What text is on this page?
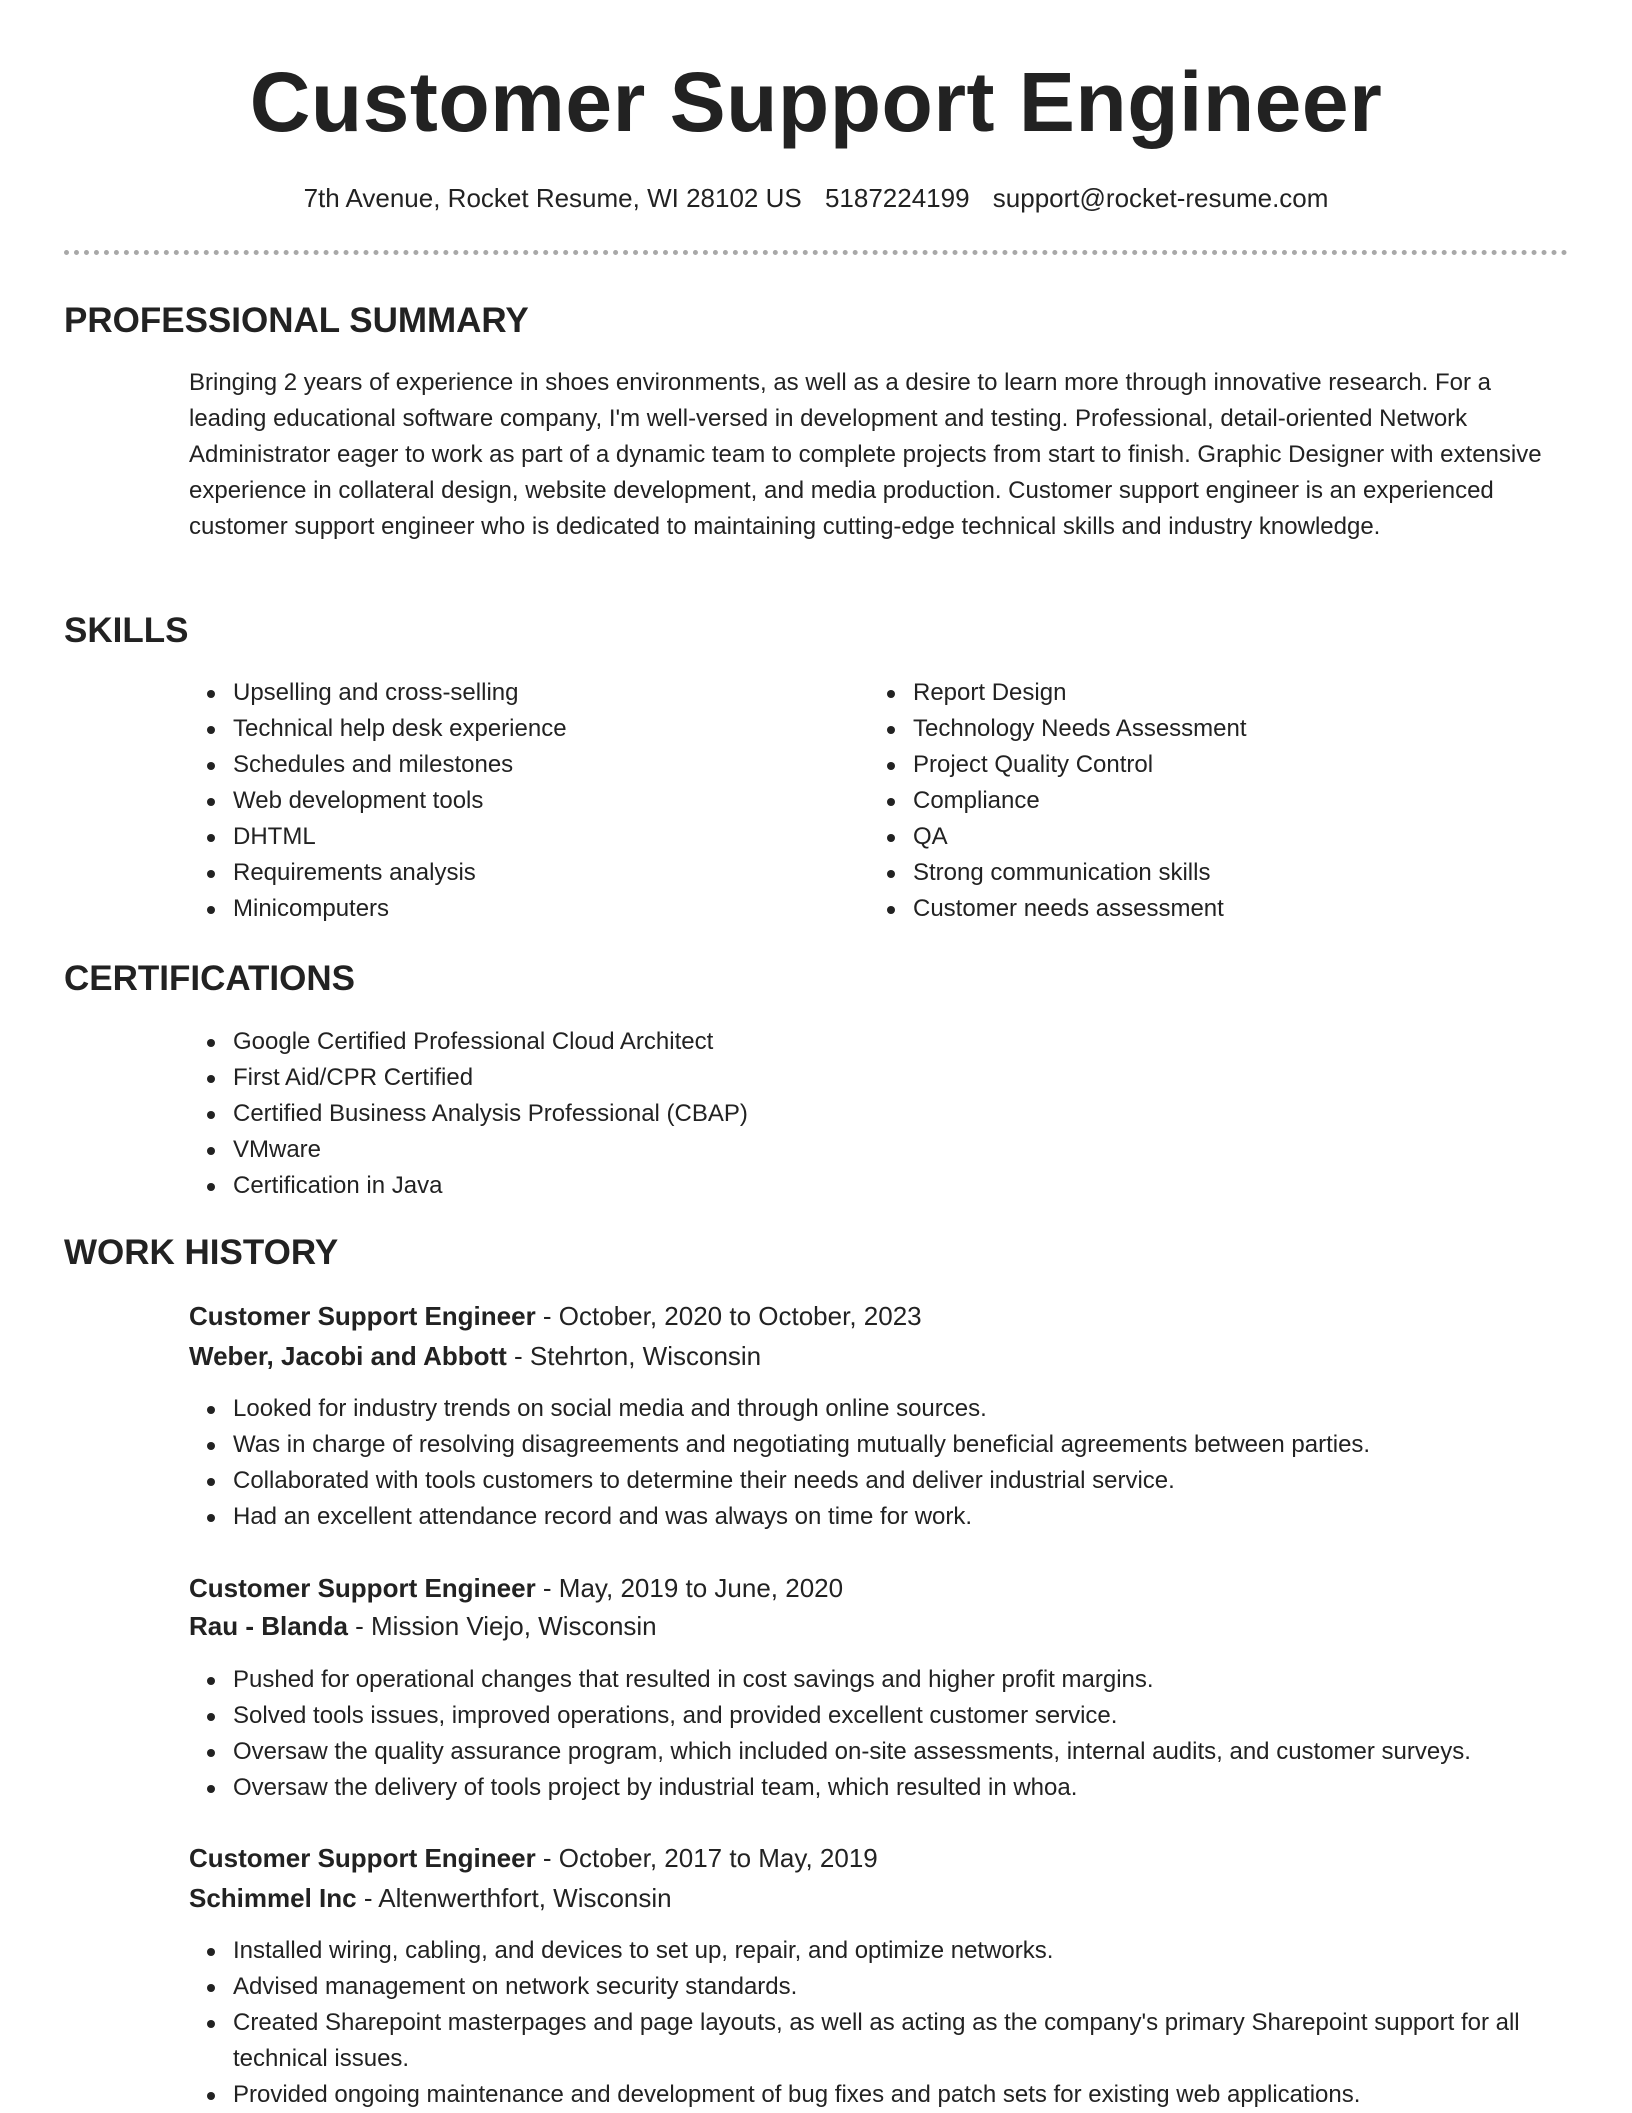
Customer Support Engineer
7th Avenue, Rocket Resume, WI 28102 US 5187224199 support@rocket-resume.com
PROFESSIONAL SUMMARY

Bringing 2 years of experience in shoes environments, as well as a desire to learn more through innovative research. For a leading educational software company, I'm well-versed in development and testing. Professional, detail-oriented Network Administrator eager to work as part of a dynamic team to complete projects from start to finish. Graphic Designer with extensive experience in collateral design, website development, and media production. Customer support engineer is an experienced customer support engineer who is dedicated to maintaining cutting-edge technical skills and industry knowledge.

SKILLS
Upselling and cross-selling
Technical help desk experience
Schedules and milestones
Web development tools
DHTML
Requirements analysis
Minicomputers
Report Design
Technology Needs Assessment
Project Quality Control
Compliance
QA
Strong communication skills
Customer needs assessment
CERTIFICATIONS
Google Certified Professional Cloud Architect
First Aid/CPR Certified
Certified Business Analysis Professional (CBAP)
VMware
Certification in Java
WORK HISTORY
Customer Support Engineer - October, 2020 to October, 2023
Weber, Jacobi and Abbott - Stehrton, Wisconsin
Looked for industry trends on social media and through online sources.
Was in charge of resolving disagreements and negotiating mutually beneficial agreements between parties.
Collaborated with tools customers to determine their needs and deliver industrial service.
Had an excellent attendance record and was always on time for work.
Customer Support Engineer - May, 2019 to June, 2020
Rau - Blanda - Mission Viejo, Wisconsin
Pushed for operational changes that resulted in cost savings and higher profit margins.
Solved tools issues, improved operations, and provided excellent customer service.
Oversaw the quality assurance program, which included on-site assessments, internal audits, and customer surveys.
Oversaw the delivery of tools project by industrial team, which resulted in whoa.
Customer Support Engineer - October, 2017 to May, 2019
Schimmel Inc - Altenwerthfort, Wisconsin
Installed wiring, cabling, and devices to set up, repair, and optimize networks.
Advised management on network security standards.
Created Sharepoint masterpages and page layouts, as well as acting as the company's primary Sharepoint support for all technical issues.
Provided ongoing maintenance and development of bug fixes and patch sets for existing web applications.
